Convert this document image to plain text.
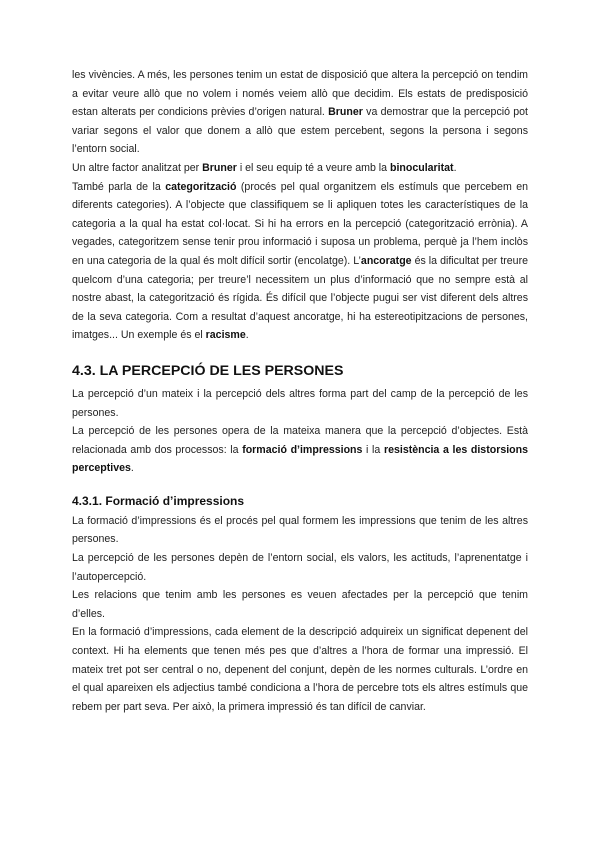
les vivències. A més, les persones tenim un estat de disposició que altera la percepció on tendim a evitar veure allò que no volem i només veiem allò que decidim. Els estats de predisposició estan alterats per condicions prèvies d’origen natural. Bruner va demostrar que la percepció pot variar segons el valor que donem a allò que estem percebent, segons la persona i segons l’entorn social.

Un altre factor analitzat per Bruner i el seu equip té a veure amb la binocularitat.

També parla de la categorització (procés pel qual organitzem els estímuls que percebem en diferents categories). A l’objecte que classifiquem se li apliquen totes les característiques de la categoria a la qual ha estat col·locat. Si hi ha errors en la percepció (categorització errònia). A vegades, categoritzem sense tenir prou informació i suposa un problema, perquè ja l’hem inclòs en una categoria de la qual és molt difícil sortir (encolatge). L’ancoratge és la dificultat per treure quelcom d’una categoria; per treure’l necessitem un plus d’informació que no sempre està al nostre abast, la categorització és rígida. És difícil que l’objecte pugui ser vist diferent dels altres de la seva categoria. Com a resultat d’aquest ancoratge, hi ha estereotipitzacions de persones, imatges... Un exemple és el racisme.

4.3. LA PERCEPCIÓ DE LES PERSONES

La percepció d’un mateix i la percepció dels altres forma part del camp de la percepció de les persones.

La percepció de les persones opera de la mateixa manera que la percepció d’objectes. Està relacionada amb dos processos: la formació d’impressions i la resistència a les distorsions perceptives.

4.3.1. Formació d’impressions

La formació d’impressions és el procés pel qual formem les impressions que tenim de les altres persones.

La percepció de les persones depèn de l’entorn social, els valors, les actituds, l’aprenentatge i l’autopercepció.

Les relacions que tenim amb les persones es veuen afectades per la percepció que tenim d’elles.

En la formació d’impressions, cada element de la descripció adquireix un significat depenent del context. Hi ha elements que tenen més pes que d’altres a l’hora de formar una impressió. El mateix tret pot ser central o no, depenent del conjunt, depèn de les normes culturals. L’ordre en el qual apareixen els adjectius també condiciona a l’hora de percebre tots els altres estímuls que rebem per part seva. Per això, la primera impressió és tan difícil de canviar.
